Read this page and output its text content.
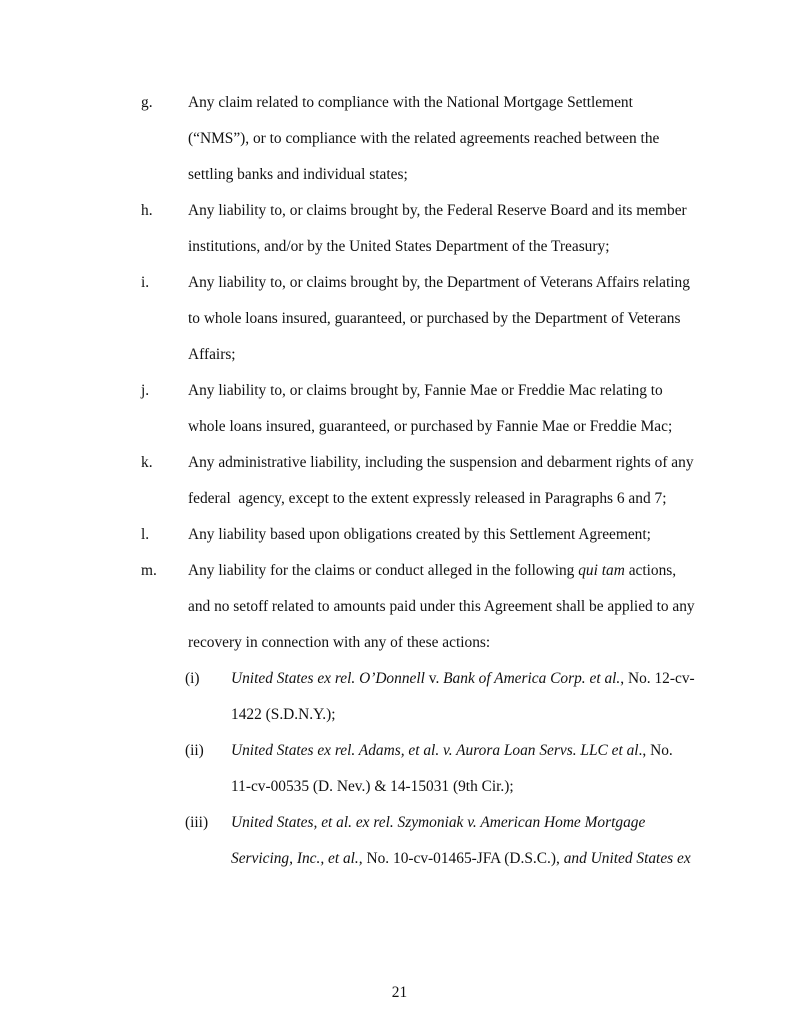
g. Any claim related to compliance with the National Mortgage Settlement
(“NMS”), or to compliance with the related agreements reached between the
settling banks and individual states;
h. Any liability to, or claims brought by, the Federal Reserve Board and its member
institutions, and/or by the United States Department of the Treasury;
i.	Any liability to, or claims brought by, the Department of Veterans Affairs relating
to whole loans insured, guaranteed, or purchased by the Department of Veterans
Affairs;
j.	Any liability to, or claims brought by, Fannie Mae or Freddie Mac relating to
whole loans insured, guaranteed, or purchased by Fannie Mae or Freddie Mac;
k. Any administrative liability, including the suspension and debarment rights of any
federal  agency, except to the extent expressly released in Paragraphs 6 and 7;
l.	Any liability based upon obligations created by this Settlement Agreement;
m. Any liability for the claims or conduct alleged in the following qui tam actions,
and no setoff related to amounts paid under this Agreement shall be applied to any
recovery in connection with any of these actions:
(i) United States ex rel. O’Donnell v. Bank of America Corp. et al., No. 12-cv-
1422 (S.D.N.Y.);
(ii) United States ex rel. Adams, et al. v. Aurora Loan Servs. LLC et al., No.
11-cv-00535 (D. Nev.) & 14-15031 (9th Cir.);
(iii) United States, et al. ex rel. Szymoniak v. American Home Mortgage
Servicing, Inc., et al., No. 10-cv-01465-JFA (D.S.C.), and United States ex
21
